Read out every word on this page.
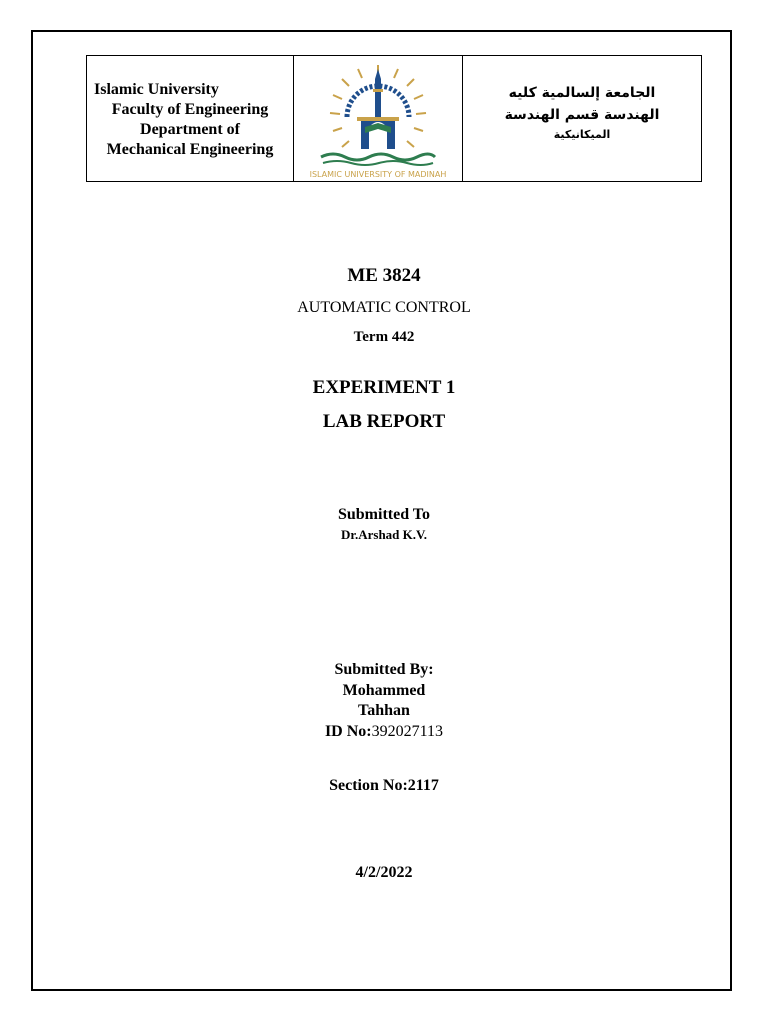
Islamic University
Faculty of Engineering
Department of
Mechanical Engineering
ISLAMIC UNIVERSITY OF MADINAH
الجامعة إلسالمية كليه
الهندسة قسم الهندسة
الميكانيكية
ME 3824
AUTOMATIC CONTROL
Term 442
EXPERIMENT 1
LAB REPORT
Submitted To
Dr.Arshad K.V.
Submitted By:
Mohammed
Tahhan
ID No:392027113
Section No:2117
4/2/2022
